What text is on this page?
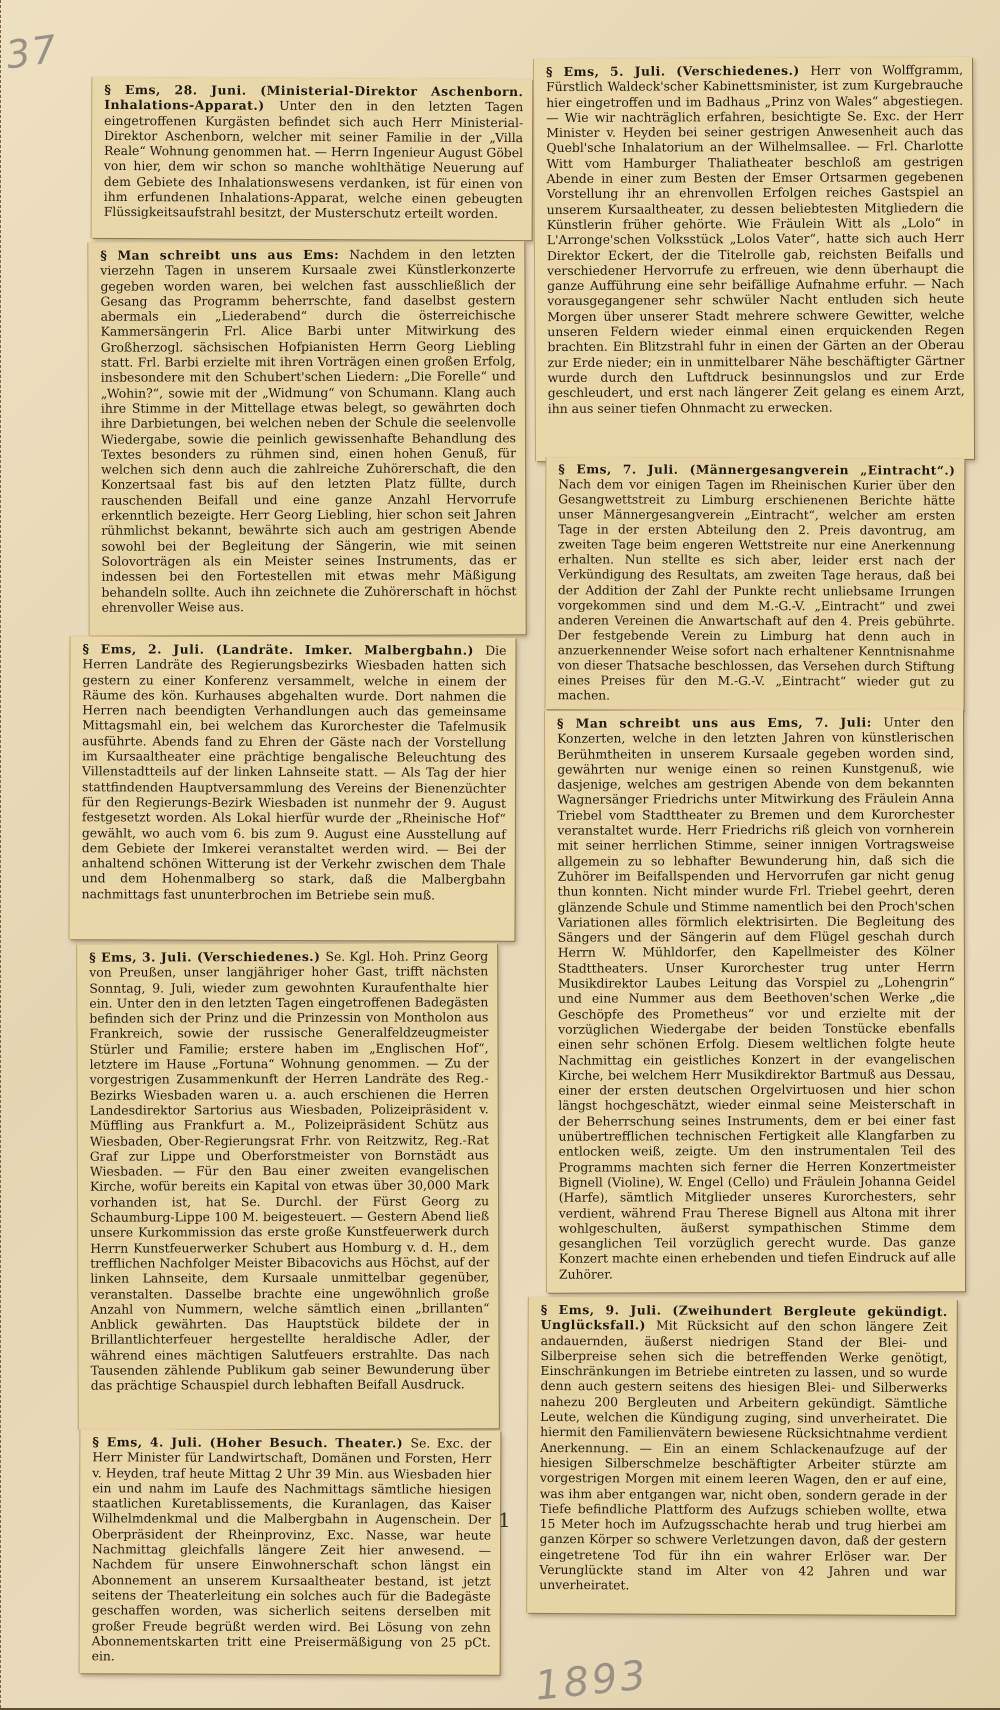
37
§ Ems, 28. Juni. (Ministerial-Direktor Aschenborn. Inhalations-Apparat.) Unter den in den letzten Tagen eingetroffenen Kurgästen befindet sich auch Herr Ministerial-Direktor Aschenborn, welcher mit seiner Familie in der „Villa Reale“ Wohnung genommen hat. — Herrn Ingenieur August Göbel von hier, dem wir schon so manche wohlthätige Neuerung auf dem Gebiete des Inhalationswesens verdanken, ist für einen von ihm erfundenen Inhalations-Apparat, welche einen gebeugten Flüssigkeitsaufstrahl besitzt, der Musterschutz erteilt worden.
§ Man schreibt uns aus Ems: Nachdem in den letzten vierzehn Tagen in unserem Kursaale zwei Künstlerkonzerte gegeben worden waren, bei welchen fast ausschließlich der Gesang das Programm beherrschte, fand daselbst gestern abermals ein „Liederabend“ durch die österreichische Kammersängerin Frl. Alice Barbi unter Mitwirkung des Großherzogl. sächsischen Hofpianisten Herrn Georg Liebling statt. Frl. Barbi erzielte mit ihren Vorträgen einen großen Erfolg, insbesondere mit den Schubert'schen Liedern: „Die Forelle“ und „Wohin?“, sowie mit der „Widmung“ von Schumann. Klang auch ihre Stimme in der Mittellage etwas belegt, so gewährten doch ihre Darbietungen, bei welchen neben der Schule die seelenvolle Wiedergabe, sowie die peinlich gewissenhafte Behandlung des Textes besonders zu rühmen sind, einen hohen Genuß, für welchen sich denn auch die zahlreiche Zuhörerschaft, die den Konzertsaal fast bis auf den letzten Platz füllte, durch rauschenden Beifall und eine ganze Anzahl Hervorrufe erkenntlich bezeigte. Herr Georg Liebling, hier schon seit Jahren rühmlichst bekannt, bewährte sich auch am gestrigen Abende sowohl bei der Begleitung der Sängerin, wie mit seinen Solovorträgen als ein Meister seines Instruments, das er indessen bei den Fortestellen mit etwas mehr Mäßigung behandeln sollte. Auch ihn zeichnete die Zuhörerschaft in höchst ehrenvoller Weise aus.
§ Ems, 2. Juli. (Landräte. Imker. Malbergbahn.) Die Herren Landräte des Regierungsbezirks Wiesbaden hatten sich gestern zu einer Konferenz versammelt, welche in einem der Räume des kön. Kurhauses abgehalten wurde. Dort nahmen die Herren nach beendigten Verhandlungen auch das gemeinsame Mittagsmahl ein, bei welchem das Kurorchester die Tafelmusik ausführte. Abends fand zu Ehren der Gäste nach der Vorstellung im Kursaaltheater eine prächtige bengalische Beleuchtung des Villenstadtteils auf der linken Lahnseite statt. — Als Tag der hier stattfindenden Hauptversammlung des Vereins der Bienenzüchter für den Regierungs-Bezirk Wiesbaden ist nunmehr der 9. August festgesetzt worden. Als Lokal hierfür wurde der „Rheinische Hof“ gewählt, wo auch vom 6. bis zum 9. August eine Ausstellung auf dem Gebiete der Imkerei veranstaltet werden wird. — Bei der anhaltend schönen Witterung ist der Verkehr zwischen dem Thale und dem Hohenmalberg so stark, daß die Malbergbahn nachmittags fast ununterbrochen im Betriebe sein muß.
§ Ems, 3. Juli. (Verschiedenes.) Se. Kgl. Hoh. Prinz Georg von Preußen, unser langjähriger hoher Gast, trifft nächsten Sonntag, 9. Juli, wieder zum gewohnten Kuraufenthalte hier ein. Unter den in den letzten Tagen eingetroffenen Badegästen befinden sich der Prinz und die Prinzessin von Montholon aus Frankreich, sowie der russische Generalfeldzeugmeister Stürler und Familie; erstere haben im „Englischen Hof“, letztere im Hause „Fortuna“ Wohnung genommen. — Zu der vorgestrigen Zusammenkunft der Herren Landräte des Reg.-Bezirks Wiesbaden waren u. a. auch erschienen die Herren Landesdirektor Sartorius aus Wiesbaden, Polizeipräsident v. Müffling aus Frankfurt a. M., Polizeipräsident Schütz aus Wiesbaden, Ober-Regierungsrat Frhr. von Reitzwitz, Reg.-Rat Graf zur Lippe und Oberforstmeister von Bornstädt aus Wiesbaden. — Für den Bau einer zweiten evangelischen Kirche, wofür bereits ein Kapital von etwas über 30,000 Mark vorhanden ist, hat Se. Durchl. der Fürst Georg zu Schaumburg-Lippe 100 M. beigesteuert. — Gestern Abend ließ unsere Kurkommission das erste große Kunstfeuerwerk durch Herrn Kunstfeuerwerker Schubert aus Homburg v. d. H., dem trefflichen Nachfolger Meister Bibacovichs aus Höchst, auf der linken Lahnseite, dem Kursaale unmittelbar gegenüber, veranstalten. Dasselbe brachte eine ungewöhnlich große Anzahl von Nummern, welche sämtlich einen „brillanten“ Anblick gewährten. Das Hauptstück bildete der in Brillantlichterfeuer hergestellte heraldische Adler, der während eines mächtigen Salutfeuers erstrahlte. Das nach Tausenden zählende Publikum gab seiner Bewunderung über das prächtige Schauspiel durch lebhaften Beifall Ausdruck.
§ Ems, 4. Juli. (Hoher Besuch. Theater.) Se. Exc. der Herr Minister für Landwirtschaft, Domänen und Forsten, Herr v. Heyden, traf heute Mittag 2 Uhr 39 Min. aus Wiesbaden hier ein und nahm im Laufe des Nachmittags sämtliche hiesigen staatlichen Kuretablissements, die Kuranlagen, das Kaiser Wilhelmdenkmal und die Malbergbahn in Augenschein. Der Oberpräsident der Rheinprovinz, Exc. Nasse, war heute Nachmittag gleichfalls längere Zeit hier anwesend. — Nachdem für unsere Einwohnerschaft schon längst ein Abonnement an unserem Kursaaltheater bestand, ist jetzt seitens der Theaterleitung ein solches auch für die Badegäste geschaffen worden, was sicherlich seitens derselben mit großer Freude begrüßt werden wird. Bei Lösung von zehn Abonnementskarten tritt eine Preisermäßigung von 25 pCt. ein.
1
§ Ems, 5. Juli. (Verschiedenes.) Herr von Wolffgramm, Fürstlich Waldeck'scher Kabinettsminister, ist zum Kurgebrauche hier eingetroffen und im Badhaus „Prinz von Wales“ abgestiegen. — Wie wir nachträglich erfahren, besichtigte Se. Exc. der Herr Minister v. Heyden bei seiner gestrigen Anwesenheit auch das Quebl'sche Inhalatorium an der Wilhelmsallee. — Frl. Charlotte Witt vom Hamburger Thaliatheater beschloß am gestrigen Abende in einer zum Besten der Emser Ortsarmen gegebenen Vorstellung ihr an ehrenvollen Erfolgen reiches Gastspiel an unserem Kursaaltheater, zu dessen beliebtesten Mitgliedern die Künstlerin früher gehörte. Wie Fräulein Witt als „Lolo“ in L'Arronge'schen Volksstück „Lolos Vater“, hatte sich auch Herr Direktor Eckert, der die Titelrolle gab, reichsten Beifalls und verschiedener Hervorrufe zu erfreuen, wie denn überhaupt die ganze Aufführung eine sehr beifällige Aufnahme erfuhr. — Nach vorausgegangener sehr schwüler Nacht entluden sich heute Morgen über unserer Stadt mehrere schwere Gewitter, welche unseren Feldern wieder einmal einen erquickenden Regen brachten. Ein Blitzstrahl fuhr in einen der Gärten an der Oberau zur Erde nieder; ein in unmittelbarer Nähe beschäftigter Gärtner wurde durch den Luftdruck besinnungslos und zur Erde geschleudert, und erst nach längerer Zeit gelang es einem Arzt, ihn aus seiner tiefen Ohnmacht zu erwecken.
§ Ems, 7. Juli. (Männergesangverein „Eintracht“.) Nach dem vor einigen Tagen im Rheinischen Kurier über den Gesangwettstreit zu Limburg erschienenen Berichte hätte unser Männergesangverein „Eintracht“, welcher am ersten Tage in der ersten Abteilung den 2. Preis davontrug, am zweiten Tage beim engeren Wettstreite nur eine Anerkennung erhalten. Nun stellte es sich aber, leider erst nach der Verkündigung des Resultats, am zweiten Tage heraus, daß bei der Addition der Zahl der Punkte recht unliebsame Irrungen vorgekommen sind und dem M.-G.-V. „Eintracht“ und zwei anderen Vereinen die Anwartschaft auf den 4. Preis gebührte. Der festgebende Verein zu Limburg hat denn auch in anzuerkennender Weise sofort nach erhaltener Kenntnisnahme von dieser Thatsache beschlossen, das Versehen durch Stiftung eines Preises für den M.-G.-V. „Eintracht“ wieder gut zu machen.
§ Man schreibt uns aus Ems, 7. Juli: Unter den Konzerten, welche in den letzten Jahren von künstlerischen Berühmtheiten in unserem Kursaale gegeben worden sind, gewährten nur wenige einen so reinen Kunstgenuß, wie dasjenige, welches am gestrigen Abende von dem bekannten Wagnersänger Friedrichs unter Mitwirkung des Fräulein Anna Triebel vom Stadttheater zu Bremen und dem Kurorchester veranstaltet wurde. Herr Friedrichs riß gleich von vornherein mit seiner herrlichen Stimme, seiner innigen Vortragsweise allgemein zu so lebhafter Bewunderung hin, daß sich die Zuhörer im Beifallspenden und Hervorrufen gar nicht genug thun konnten. Nicht minder wurde Frl. Triebel geehrt, deren glänzende Schule und Stimme namentlich bei den Proch'schen Variationen alles förmlich elektrisirten. Die Begleitung des Sängers und der Sängerin auf dem Flügel geschah durch Herrn W. Mühldorfer, den Kapellmeister des Kölner Stadttheaters. Unser Kurorchester trug unter Herrn Musikdirektor Laubes Leitung das Vorspiel zu „Lohengrin“ und eine Nummer aus dem Beethoven'schen Werke „die Geschöpfe des Prometheus“ vor und erzielte mit der vorzüglichen Wiedergabe der beiden Tonstücke ebenfalls einen sehr schönen Erfolg. Diesem weltlichen folgte heute Nachmittag ein geistliches Konzert in der evangelischen Kirche, bei welchem Herr Musikdirektor Bartmuß aus Dessau, einer der ersten deutschen Orgelvirtuosen und hier schon längst hochgeschätzt, wieder einmal seine Meisterschaft in der Beherrschung seines Instruments, dem er bei einer fast unübertrefflichen technischen Fertigkeit alle Klangfarben zu entlocken weiß, zeigte. Um den instrumentalen Teil des Programms machten sich ferner die Herren Konzertmeister Bignell (Violine), W. Engel (Cello) und Fräulein Johanna Geidel (Harfe), sämtlich Mitglieder unseres Kurorchesters, sehr verdient, während Frau Therese Bignell aus Altona mit ihrer wohlgeschulten, äußerst sympathischen Stimme dem gesanglichen Teil vorzüglich gerecht wurde. Das ganze Konzert machte einen erhebenden und tiefen Eindruck auf alle Zuhörer.
§ Ems, 9. Juli. (Zweihundert Bergleute gekündigt. Unglücksfall.) Mit Rücksicht auf den schon längere Zeit andauernden, äußerst niedrigen Stand der Blei- und Silberpreise sehen sich die betreffenden Werke genötigt, Einschränkungen im Betriebe eintreten zu lassen, und so wurde denn auch gestern seitens des hiesigen Blei- und Silberwerks nahezu 200 Bergleuten und Arbeitern gekündigt. Sämtliche Leute, welchen die Kündigung zuging, sind unverheiratet. Die hiermit den Familienvätern bewiesene Rücksichtnahme verdient Anerkennung. — Ein an einem Schlackenaufzuge auf der hiesigen Silberschmelze beschäftigter Arbeiter stürzte am vorgestrigen Morgen mit einem leeren Wagen, den er auf eine, was ihm aber entgangen war, nicht oben, sondern gerade in der Tiefe befindliche Plattform des Aufzugs schieben wollte, etwa 15 Meter hoch im Aufzugsschachte herab und trug hierbei am ganzen Körper so schwere Verletzungen davon, daß der gestern eingetretene Tod für ihn ein wahrer Erlöser war. Der Verunglückte stand im Alter von 42 Jahren und war unverheiratet.
1893
